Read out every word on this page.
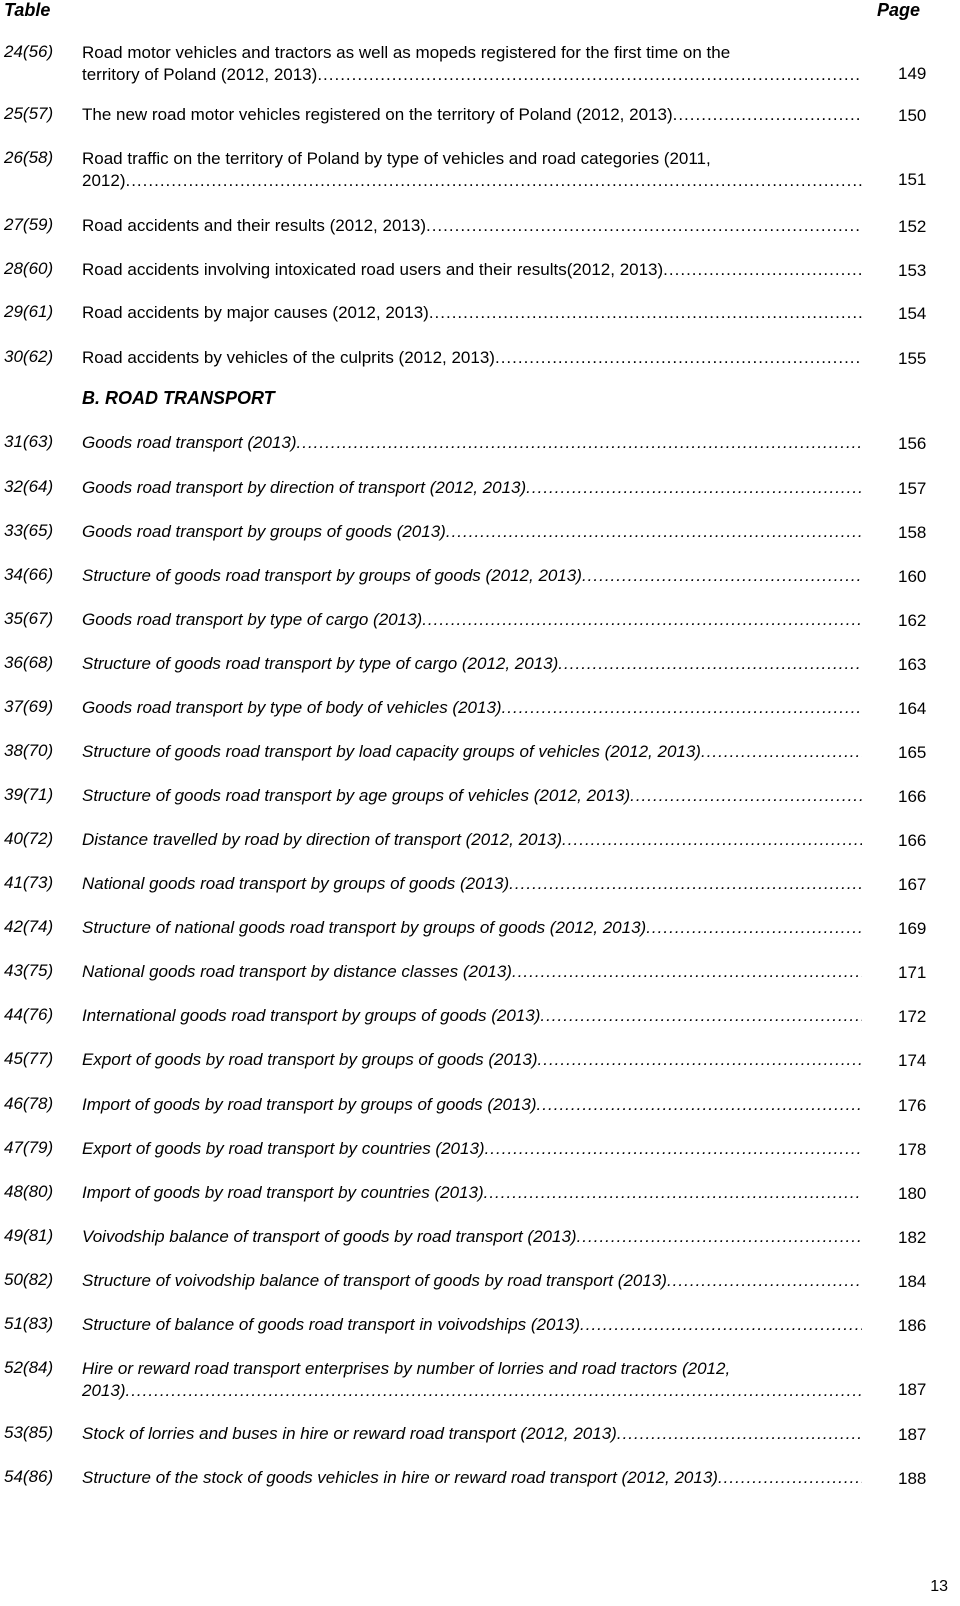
Table	Page
24(56) Road motor vehicles and tractors as well as mopeds registered for the first time on the
territory of Poland (2012, 2013) .....	149
25(57) The new road motor vehicles registered on the territory of Poland (2012, 2013) .....	150
26(58) Road traffic on the territory of Poland by type of vehicles and road categories (2011,
2012) .....	151
27(59) Road accidents and their results (2012, 2013) .....	152
28(60) Road accidents involving intoxicated road users and their results(2012, 2013) .....	153
29(61) Road accidents by major causes (2012, 2013) .....	154
30(62) Road accidents by vehicles of the culprits (2012, 2013) .....	155
31(63) Goods road transport (2013) .....	156
32(64) Goods road transport by direction of transport (2012, 2013) .....	157
33(65) Goods road transport by groups of goods (2013) .....	158
34(66) Structure of goods road transport by groups of goods (2012, 2013) .....	160
35(67) Goods road transport by type of cargo (2013) .....	162
36(68) Structure of goods road transport by type of cargo (2012, 2013) .....	163
37(69) Goods road transport by type of body of vehicles (2013) .....	164
38(70) Structure of goods road transport by load capacity groups of vehicles (2012, 2013) .....	165
39(71) Structure of goods road transport by age groups of vehicles (2012, 2013) .....	166
40(72) Distance travelled by road by direction of transport (2012, 2013) .....	166
41(73) National goods road transport by groups of goods (2013) .....	167
42(74) Structure of national goods road transport by groups of goods (2012, 2013) .....	169
43(75) National goods road transport by distance classes (2013) .....	171
44(76) International goods road transport by groups of goods (2013) .....	172
45(77) Export of goods by road transport by groups of goods (2013) .....	174
46(78) Import of goods by road transport by groups of goods (2013) .....	176
47(79) Export of goods by road transport by countries (2013) .....	178
48(80) Import of goods by road transport by countries (2013) .....	180
49(81) Voivodship balance of transport of goods by road transport (2013) .....	182
50(82) Structure of voivodship balance of transport of goods by road transport (2013) .....	184
51(83) Structure of balance of goods road transport in voivodships (2013) .....	186
52(84) Hire or reward road transport enterprises by number of lorries and road tractors (2012,
2013) .....	187
53(85) Stock of lorries and buses in hire or reward road transport (2012, 2013) .....	187
54(86) Structure of the stock of goods vehicles in hire or reward road transport (2012, 2013) .....	188
B. ROAD TRANSPORT
13
